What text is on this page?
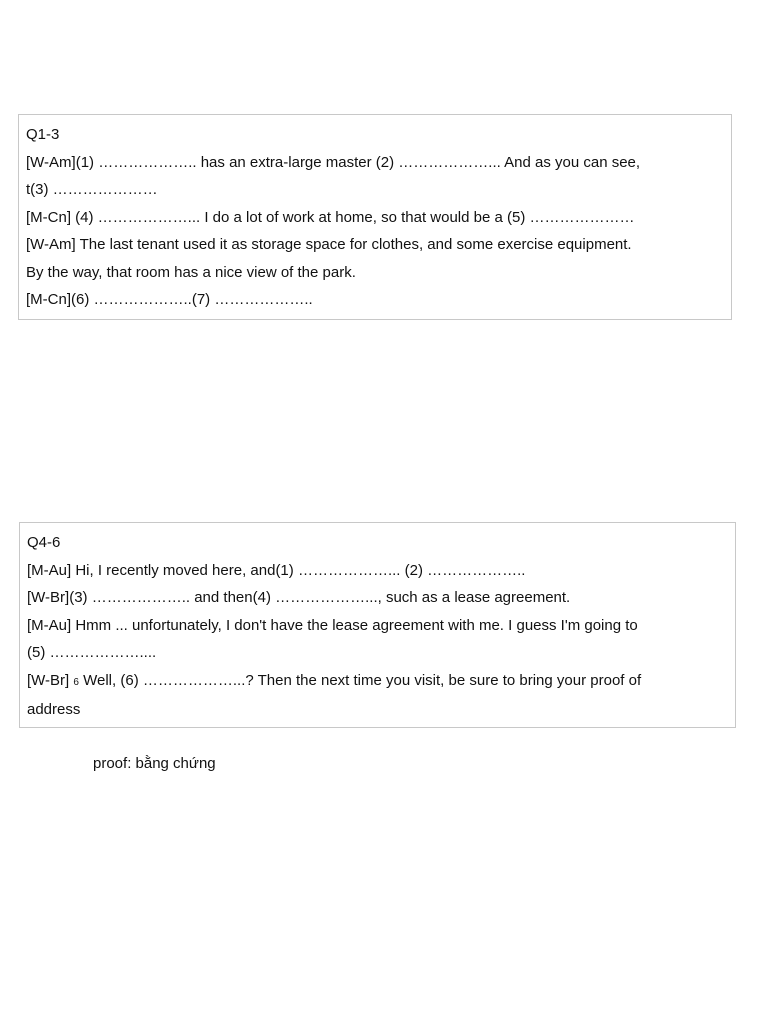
Q1-3
[W-Am](1) ……………….. has an extra-large master (2) ………………... And as you can see,
t(3) …………………
[M-Cn] (4) ………………... I do a lot of work at home, so that would be a (5) …………………
[W-Am] The last tenant used it as storage space for clothes, and some exercise equipment.
By the way, that room has a nice view of the park.
[M-Cn](6) ………………..(7) ………………..
Q4-6
[M-Au] Hi, I recently moved here, and(1) ………………... (2) ………………..
[W-Br](3) ……………….. and then(4) ………………..., such as a lease agreement.
[M-Au] Hmm ... unfortunately, I don't have the lease agreement with me. I guess I'm going to
(5) ………………....
[W-Br] 6 Well, (6) ………………...? Then the next time you visit, be sure to bring your proof of
address
proof: bằng chứng
